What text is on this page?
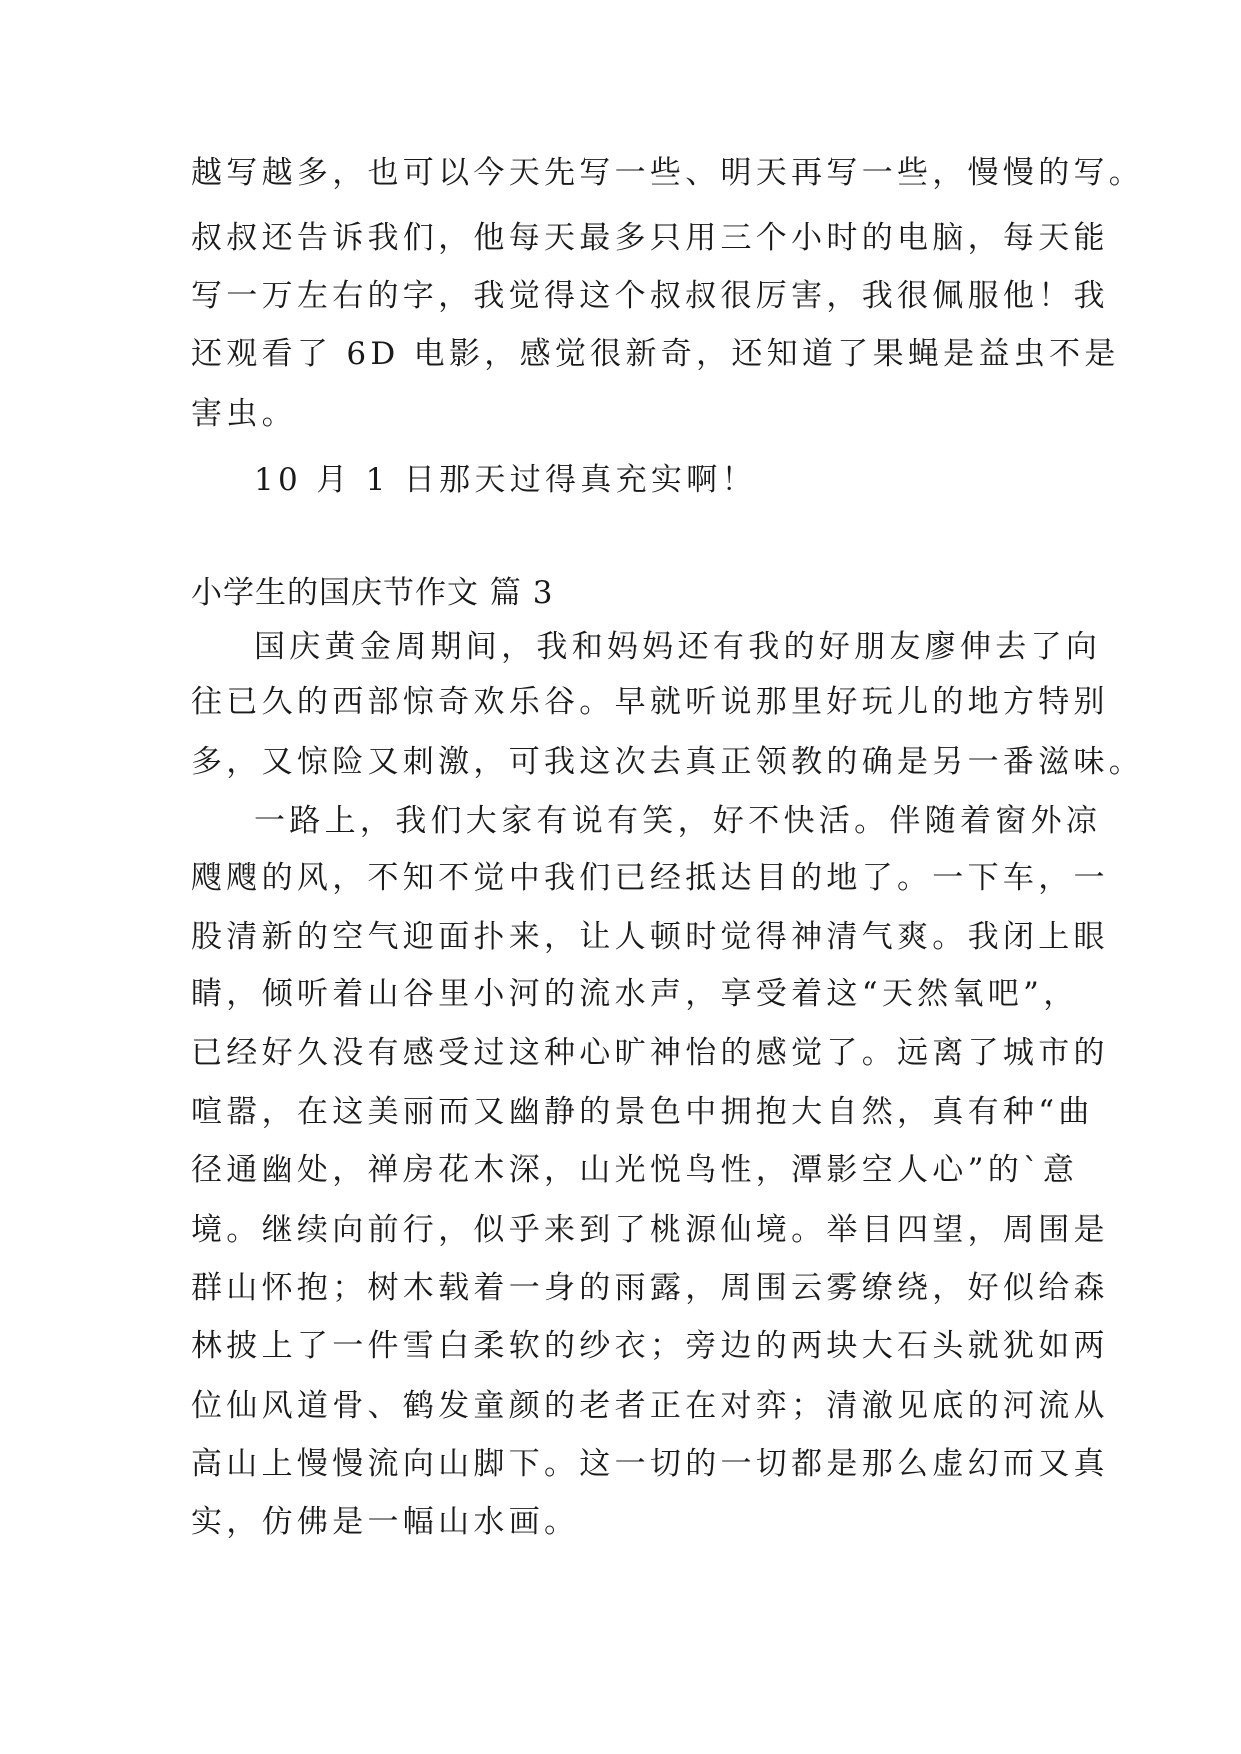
越写越多，也可以今天先写一些、明天再写一些，慢慢的写。
叔叔还告诉我们，他每天最多只用三个小时的电脑，每天能
写一万左右的字，我觉得这个叔叔很厉害，我很佩服他！我
还观看了 6D 电影，感觉很新奇，还知道了果蝇是益虫不是
害虫。
10 月 1 日那天过得真充实啊！
小学生的国庆节作文 篇 3
国庆黄金周期间，我和妈妈还有我的好朋友廖伸去了向
往已久的西部惊奇欢乐谷。早就听说那里好玩儿的地方特别
多，又惊险又刺激，可我这次去真正领教的确是另一番滋味。
一路上，我们大家有说有笑，好不快活。伴随着窗外凉
飕飕的风，不知不觉中我们已经抵达目的地了。一下车，一
股清新的空气迎面扑来，让人顿时觉得神清气爽。我闭上眼
睛，倾听着山谷里小河的流水声，享受着这“天然氧吧”，
已经好久没有感受过这种心旷神怡的感觉了。远离了城市的
喧嚣，在这美丽而又幽静的景色中拥抱大自然，真有种“曲
径通幽处，禅房花木深，山光悦鸟性，潭影空人心”的`意
境。继续向前行，似乎来到了桃源仙境。举目四望，周围是
群山怀抱；树木载着一身的雨露，周围云雾缭绕，好似给森
林披上了一件雪白柔软的纱衣；旁边的两块大石头就犹如两
位仙风道骨、鹤发童颜的老者正在对弈；清澈见底的河流从
高山上慢慢流向山脚下。这一切的一切都是那么虚幻而又真
实，仿佛是一幅山水画。
